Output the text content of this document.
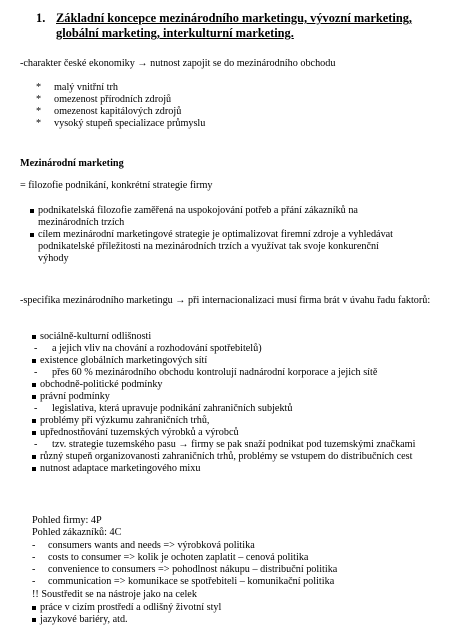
1. Základní koncepce mezinárodního marketingu, vývozní marketing, globální marketing, interkulturní marketing.
-charakter české ekonomiky → nutnost zapojit se do mezinárodního obchodu
* malý vnitřní trh
* omezenost přírodních zdrojů
* omezenost kapitálových zdrojů
* vysoký stupeň specializace průmyslu
Mezinárodní marketing
= filozofie podnikání, konkrétní strategie firmy
podnikatelská filozofie zaměřená na uspokojování potřeb a přání zákazníků na mezinárodních trzích
cílem mezinárodní marketingové strategie je optimalizovat firemní zdroje a vyhledávat podnikatelské příležitosti na mezinárodních trzích a využívat tak svoje konkurenční výhody
-specifika mezinárodního marketingu → při internacionalizaci musí firma brát v úvahu řadu faktorů:
sociálně-kulturní odlišnosti
- a jejich vliv na chování a rozhodování spotřebitelů)
existence globálních marketingových sítí
- přes 60 % mezinárodního obchodu kontrolují nadnárodní korporace a jejich sítě
obchodně-politické podmínky
právní podmínky
- legislativa, která upravuje podnikání zahraničních subjektů
problémy při výzkumu zahraničních trhů,
upřednostňování tuzemských výrobků a výrobců
- tzv. strategie tuzemského pasu → firmy se pak snaží podnikat pod tuzemskými značkami
různý stupeň organizovanosti zahraničních trhů, problémy se vstupem do distribučních cest
nutnost adaptace marketingového mixu
Pohled firmy: 4P
Pohled zákazníků: 4C
- consumers wants and needs => výrobková politika
- costs to consumer => kolik je ochoten zaplatit – cenová politika
- convenience to consumers => pohodlnost nákupu – distribuční politika
- communication => komunikace se spotřebiteli – komunikační politika
!! Soustředit se na nástroje jako na celek
práce v cizím prostředí a odlišný životní styl
jazykové bariéry, atd.
